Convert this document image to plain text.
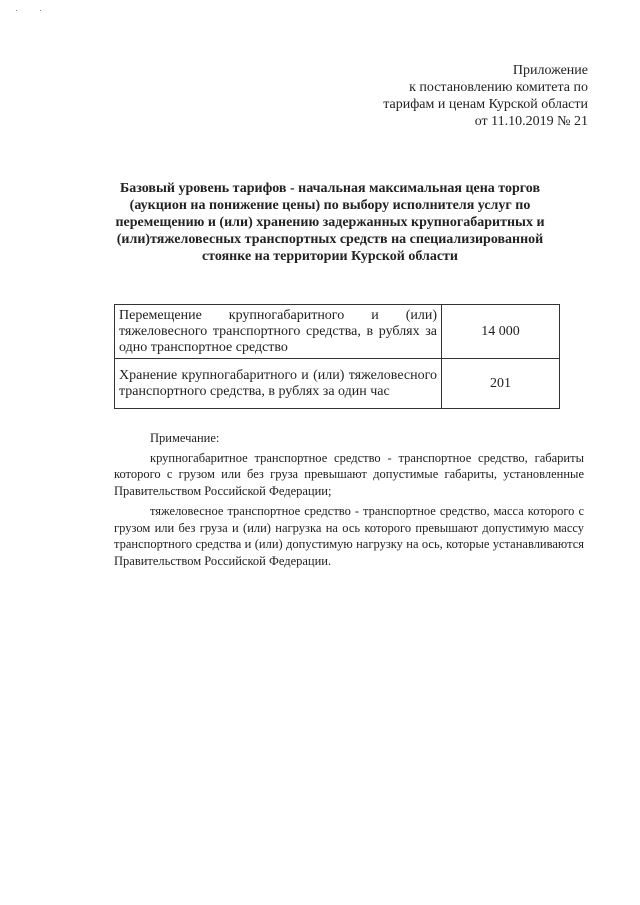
Приложение
к постановлению комитета по
тарифам и ценам Курской области
от 11.10.2019 № 21
Базовый уровень тарифов - начальная максимальная цена торгов (аукцион на понижение цены) по выбору исполнителя услуг по перемещению и (или) хранению задержанных крупногабаритных и (или)тяжеловесных транспортных средств на специализированной стоянке на территории Курской области
Перемещение крупногабаритного и (или) тяжеловесного транспортного средства, в рублях за одно транспортное средство	14 000
Хранение крупногабаритного и (или) тяжеловесного транспортного средства, в рублях за один час	201
Примечание:

крупногабаритное транспортное средство - транспортное средство, габариты которого с грузом или без груза превышают допустимые габариты, установленные Правительством Российской Федерации;

тяжеловесное транспортное средство - транспортное средство, масса которого с грузом или без груза и (или) нагрузка на ось которого превышают допустимую массу транспортного средства и (или) допустимую нагрузку на ось, которые устанавливаются Правительством Российской Федерации.
